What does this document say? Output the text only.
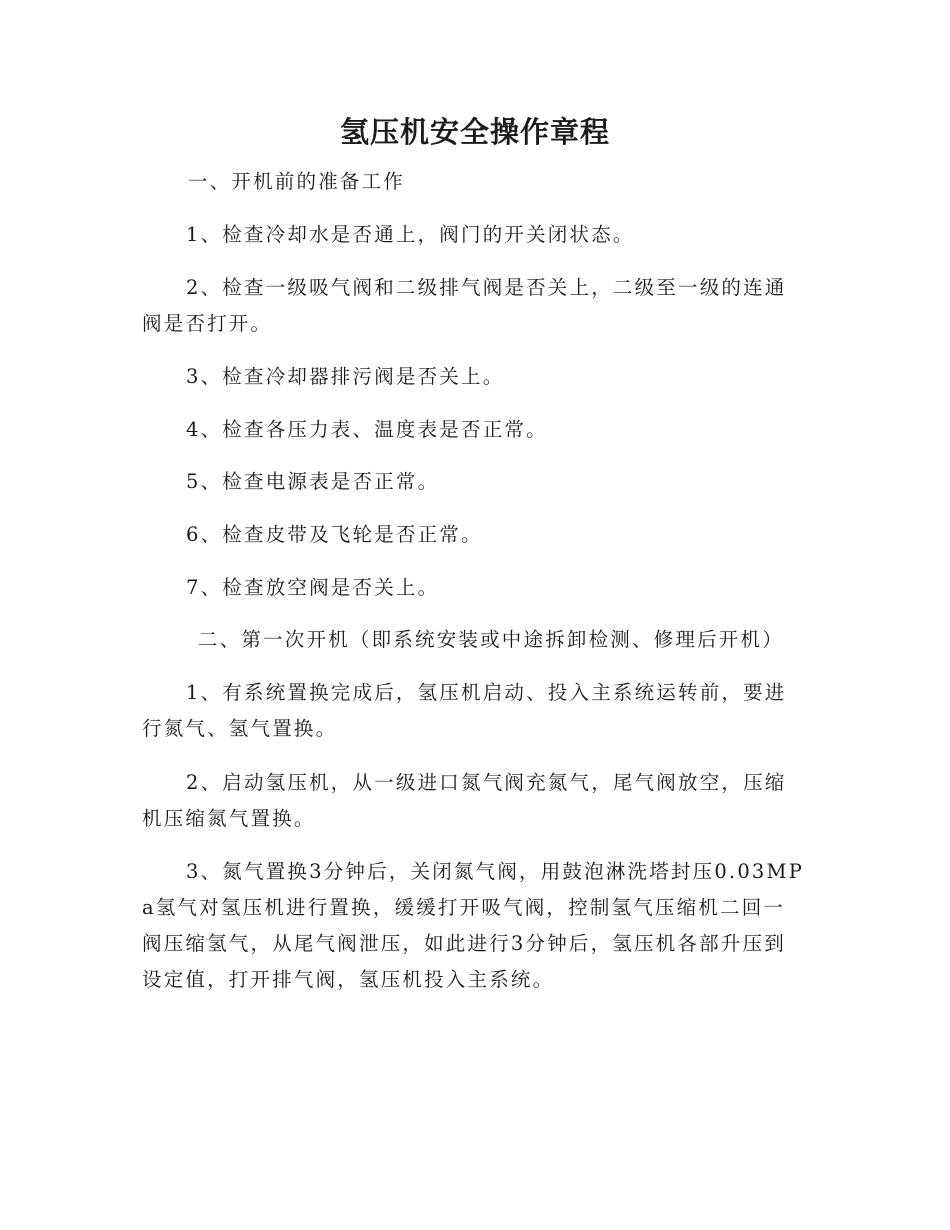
氢压机安全操作章程

一、开机前的准备工作

1、检查冷却水是否通上，阀门的开关闭状态。

2、检查一级吸气阀和二级排气阀是否关上，二级至一级的连通阀是否打开。

3、检查冷却器排污阀是否关上。

4、检查各压力表、温度表是否正常。

5、检查电源表是否正常。

6、检查皮带及飞轮是否正常。

7、检查放空阀是否关上。

二、第一次开机（即系统安装或中途拆卸检测、修理后开机）

1、有系统置换完成后，氢压机启动、投入主系统运转前，要进行氮气、氢气置换。

2、启动氢压机，从一级进口氮气阀充氮气，尾气阀放空，压缩机压缩氮气置换。

3、氮气置换3分钟后，关闭氮气阀，用鼓泡淋洗塔封压0.03MPa氢气对氢压机进行置换，缓缓打开吸气阀，控制氢气压缩机二回一阀压缩氢气，从尾气阀泄压，如此进行3分钟后，氢压机各部升压到设定值，打开排气阀，氢压机投入主系统。
